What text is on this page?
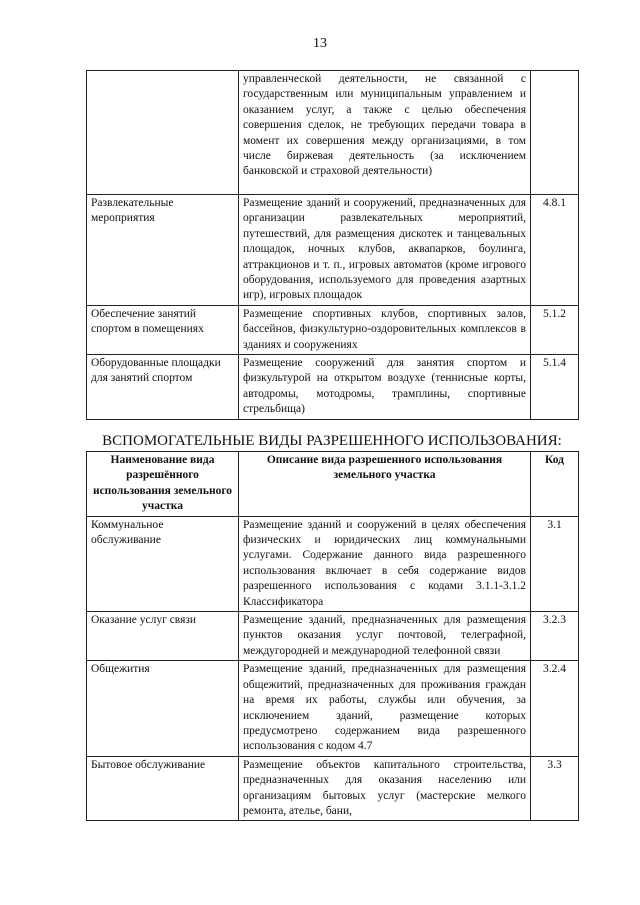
13
	управленческой деятельности, не связанной с государственным или муниципальным управлением и оказанием услуг, а также с целью обеспечения совершения сделок, не требующих передачи товара в момент их совершения между организациями, в том числе биржевая деятельность (за исключением банковской и страховой деятельности)	
Развлекательные мероприятия	Размещение зданий и сооружений, предназначенных для организации развлекательных мероприятий, путешествий, для размещения дискотек и танцевальных площадок, ночных клубов, аквапарков, боулинга, аттракционов и т. п., игровых автоматов (кроме игрового оборудования, используемого для проведения азартных игр), игровых площадок	4.8.1
Обеспечение занятий спортом в помещениях	Размещение спортивных клубов, спортивных залов, бассейнов, физкультурно-оздоровительных комплексов в зданиях и сооружениях	5.1.2
Оборудованные площадки для занятий спортом	Размещение сооружений для занятия спортом и физкультурой на открытом воздухе (теннисные корты, автодромы, мотодромы, трамплины, спортивные стрельбища)	5.1.4
ВСПОМОГАТЕЛЬНЫЕ ВИДЫ РАЗРЕШЕННОГО ИСПОЛЬЗОВАНИЯ:
Наименование вида разрешённого использования земельного участка	Описание вида разрешенного использования земельного участка	Код
Коммунальное обслуживание	Размещение зданий и сооружений в целях обеспечения физических и юридических лиц коммунальными услугами. Содержание данного вида разрешенного использования включает в себя содержание видов разрешенного использования с кодами 3.1.1-3.1.2 Классификатора	3.1
Оказание услуг связи	Размещение зданий, предназначенных для размещения пунктов оказания услуг почтовой, телеграфной, междугородней и международной телефонной связи	3.2.3
Общежития	Размещение зданий, предназначенных для размещения общежитий, предназначенных для проживания граждан на время их работы, службы или обучения, за исключением зданий, размещение которых предусмотрено содержанием вида разрешенного использования с кодом 4.7	3.2.4
Бытовое обслуживание	Размещение объектов капитального строительства, предназначенных для оказания населению или организациям бытовых услуг (мастерские мелкого ремонта, ателье, бани,	3.3
